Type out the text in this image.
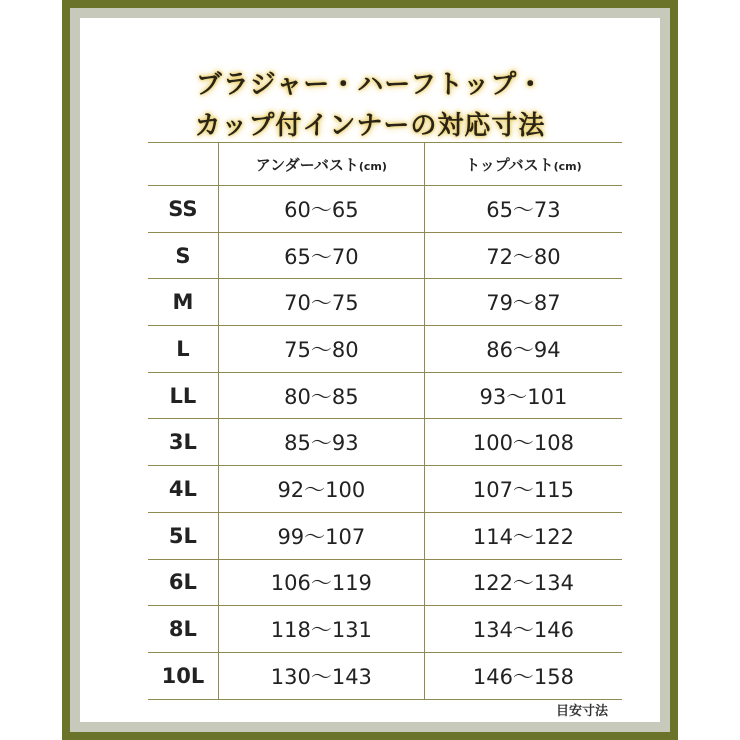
ブラジャー・ハーフトップ・
カップ付インナーの対応寸法
	アンダーバスト(cm)	トップバスト(cm)
SS	60〜65	65〜73
S	65〜70	72〜80
M	70〜75	79〜87
L	75〜80	86〜94
LL	80〜85	93〜101
3L	85〜93	100〜108
4L	92〜100	107〜115
5L	99〜107	114〜122
6L	106〜119	122〜134
8L	118〜131	134〜146
10L	130〜143	146〜158
目安寸法
